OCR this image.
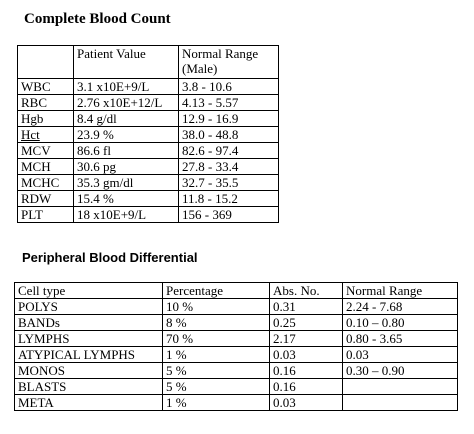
Complete Blood Count
	Patient Value	Normal Range
(Male)
WBC	3.1 x10E+9/L	3.8 - 10.6
RBC	2.76 x10E+12/L	4.13 - 5.57
Hgb	8.4 g/dl	12.9 - 16.9
Hct	23.9 %	38.0 - 48.8
MCV	86.6 fl	82.6 - 97.4
MCH	30.6 pg	27.8 - 33.4
MCHC	35.3 gm/dl	32.7 - 35.5
RDW	15.4 %	11.8 - 15.2
PLT	18 x10E+9/L	156 - 369
Peripheral Blood Differential
Cell type	Percentage	Abs. No.	Normal Range
POLYS	10 %	0.31	2.24 - 7.68
BANDs	8 %	0.25	0.10 – 0.80
LYMPHS	70 %	2.17	0.80 - 3.65
ATYPICAL LYMPHS	1 %	0.03	0.03
MONOS	5 %	0.16	0.30 – 0.90
BLASTS	5 %	0.16	
META	1 %	0.03	
